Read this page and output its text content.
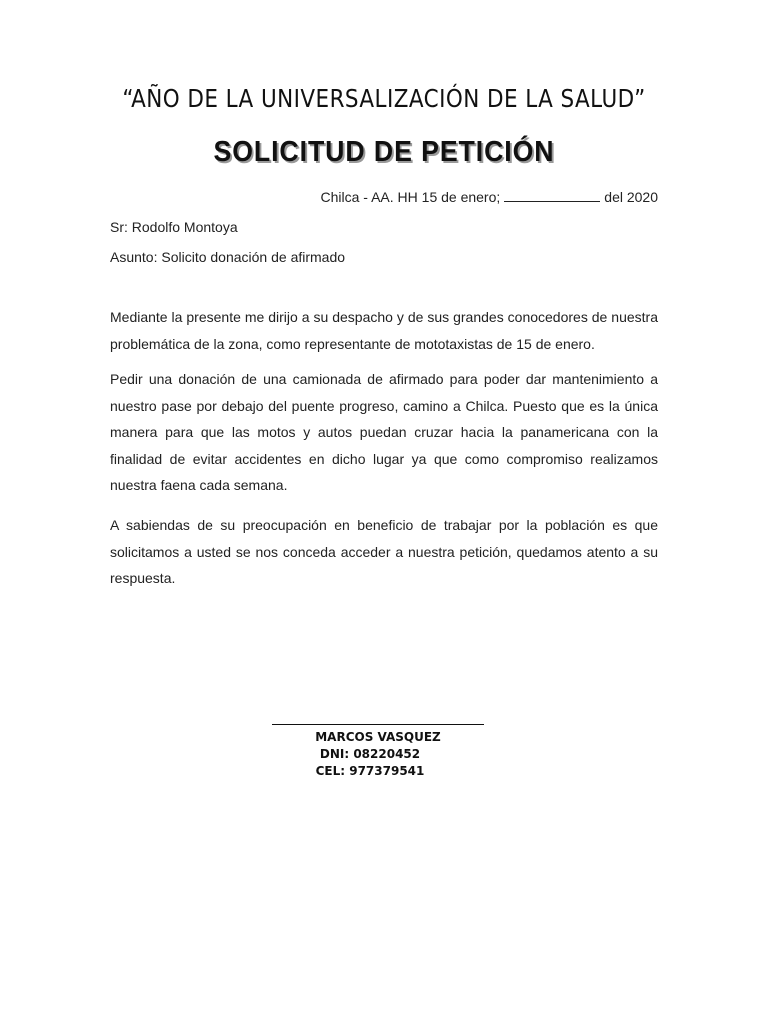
“AÑO DE LA UNIVERSALIZACIÓN DE LA SALUD”
SOLICITUD DE PETICIÓN
Chilca - AA. HH 15 de enero;	del 2020
Sr: Rodolfo Montoya
Asunto: Solicito donación de afirmado

Mediante la presente me dirijo a su despacho y de sus grandes conocedores de nuestra problemática de la zona, como representante de mototaxistas de 15 de enero.

Pedir una donación de una camionada de afirmado para poder dar mantenimiento a nuestro pase por debajo del puente progreso, camino a Chilca. Puesto que es la única manera para que las motos y autos puedan cruzar hacia la panamericana con la finalidad de evitar accidentes en dicho lugar ya que como compromiso realizamos nuestra faena cada semana.

A sabiendas de su preocupación en beneficio de trabajar por la población es que solicitamos a usted se nos conceda acceder a nuestra petición, quedamos atento a su respuesta.

MARCOS VASQUEZ
DNI: 08220452
CEL: 977379541
